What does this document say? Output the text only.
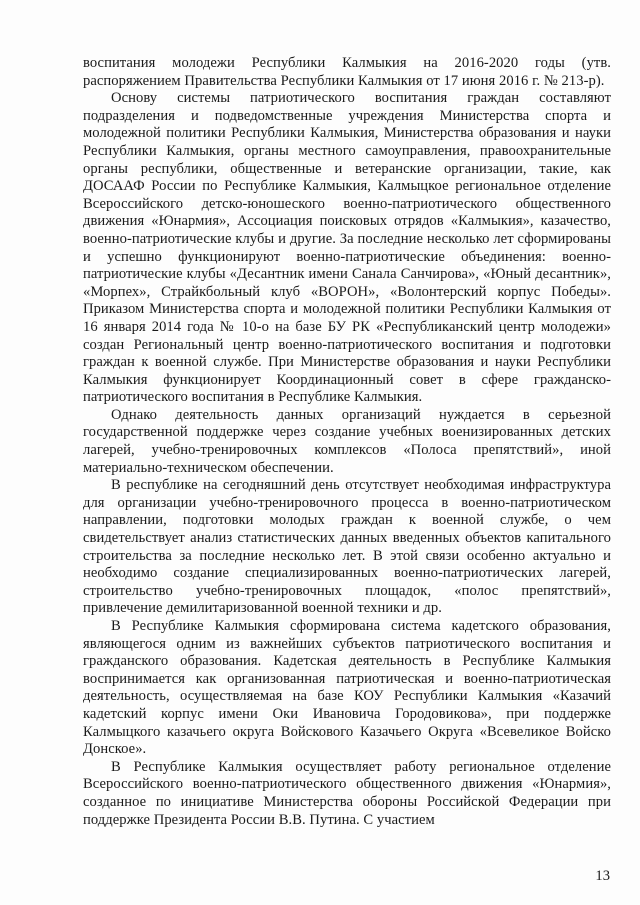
воспитания молодежи Республики Калмыкия на 2016-2020 годы (утв. распоряжением Правительства Республики Калмыкия от 17 июня 2016 г. № 213-р).

Основу системы патриотического воспитания граждан составляют подразделения и подведомственные учреждения Министерства спорта и молодежной политики Республики Калмыкия, Министерства образования и науки Республики Калмыкия, органы местного самоуправления, правоохранительные органы республики, общественные и ветеранские организации, такие, как ДОСААФ России по Республике Калмыкия, Калмыцкое региональное отделение Всероссийского детско-юношеского военно-патриотического общественного движения «Юнармия», Ассоциация поисковых отрядов «Калмыкия», казачество, военно-патриотические клубы и другие. За последние несколько лет сформированы и успешно функционируют военно-патриотические объединения: военно-патриотические клубы «Десантник имени Санала Санчирова», «Юный десантник», «Морпех», Страйкбольный клуб «ВОРОН», «Волонтерский корпус Победы». Приказом Министерства спорта и молодежной политики Республики Калмыкия от 16 января 2014 года № 10-о на базе БУ РК «Республиканский центр молодежи» создан Региональный центр военно-патриотического воспитания и подготовки граждан к военной службе. При Министерстве образования и науки Республики Калмыкия функционирует Координационный совет в сфере гражданско-патриотического воспитания в Республике Калмыкия.

Однако деятельность данных организаций нуждается в серьезной государственной поддержке через создание учебных военизированных детских лагерей, учебно-тренировочных комплексов «Полоса препятствий», иной материально-техническом обеспечении.

В республике на сегодняшний день отсутствует необходимая инфраструктура для организации учебно-тренировочного процесса в военно-патриотическом направлении, подготовки молодых граждан к военной службе, о чем свидетельствует анализ статистических данных введенных объектов капитального строительства за последние несколько лет. В этой связи особенно актуально и необходимо создание специализированных военно-патриотических лагерей, строительство учебно-тренировочных площадок, «полос препятствий», привлечение демилитаризованной военной техники и др.

В Республике Калмыкия сформирована система кадетского образования, являющегося одним из важнейших субъектов патриотического воспитания и гражданского образования. Кадетская деятельность в Республике Калмыкия воспринимается как организованная патриотическая и военно-патриотическая деятельность, осуществляемая на базе КОУ Республики Калмыкия «Казачий кадетский корпус имени Оки Ивановича Городовикова», при поддержке Калмыцкого казачьего округа Войскового Казачьего Округа «Всевеликое Войско Донское».

В Республике Калмыкия осуществляет работу региональное отделение Всероссийского военно-патриотического общественного движения «Юнармия», созданное по инициативе Министерства обороны Российской Федерации при поддержке Президента России В.В. Путина. С участием

13
